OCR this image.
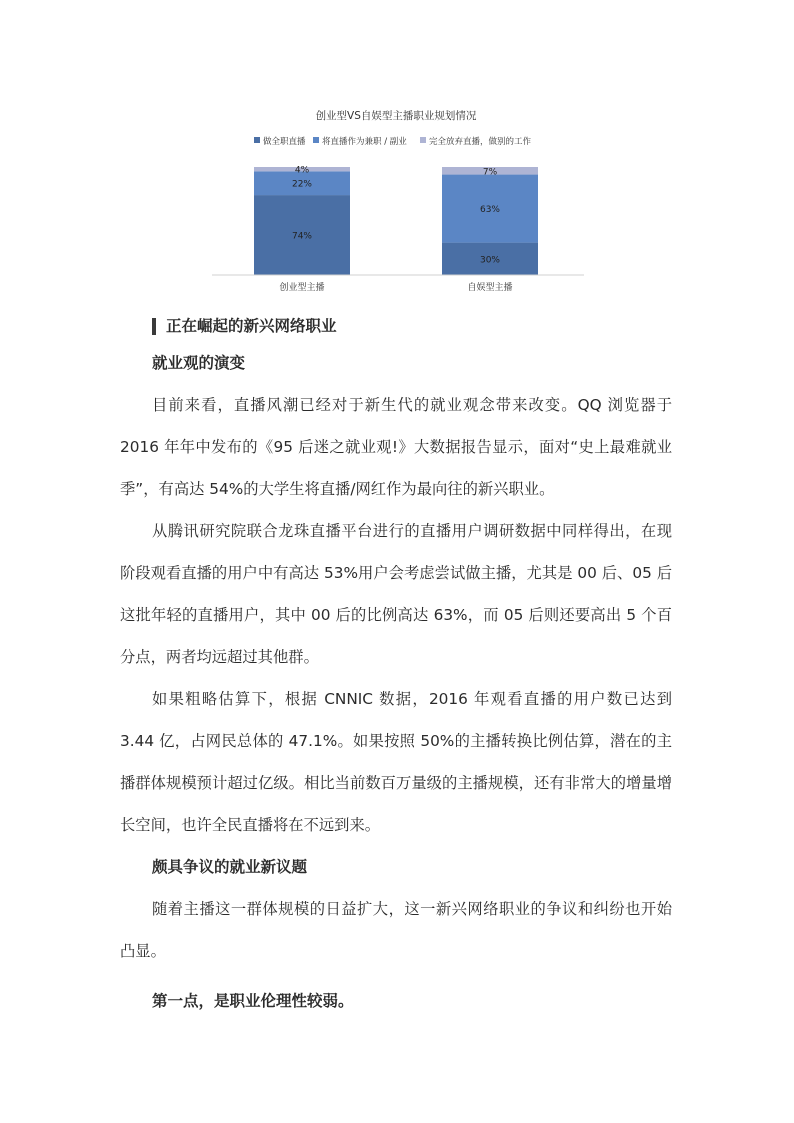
创业型VS自娱型主播职业规划情况
做全职直播 将直播作为兼职 / 副业	完全放弃直播，做别的工作
74%
22%
4%
30%
63%
7%
创业型主播	自娱型主播
正在崛起的新兴网络职业
就业观的演变

目前来看，直播风潮已经对于新生代的就业观念带来改变。QQ 浏览器于 2016 年年中发布的《95 后迷之就业观!》大数据报告显示，面对“史上最难就业季”，有高达 54%的大学生将直播/网红作为最向往的新兴职业。

从腾讯研究院联合龙珠直播平台进行的直播用户调研数据中同样得出，在现阶段观看直播的用户中有高达 53%用户会考虑尝试做主播，尤其是 00 后、05 后这批年轻的直播用户，其中 00 后的比例高达 63%，而 05 后则还要高出 5 个百分点，两者均远超过其他群。

如果粗略估算下，根据 CNNIC 数据，2016 年观看直播的用户数已达到 3.44 亿，占网民总体的 47.1%。如果按照 50%的主播转换比例估算，潜在的主播群体规模预计超过亿级。相比当前数百万量级的主播规模，还有非常大的增量增长空间，也许全民直播将在不远到来。

颇具争议的就业新议题

随着主播这一群体规模的日益扩大，这一新兴网络职业的争议和纠纷也开始凸显。

第一点，是职业伦理性较弱。
